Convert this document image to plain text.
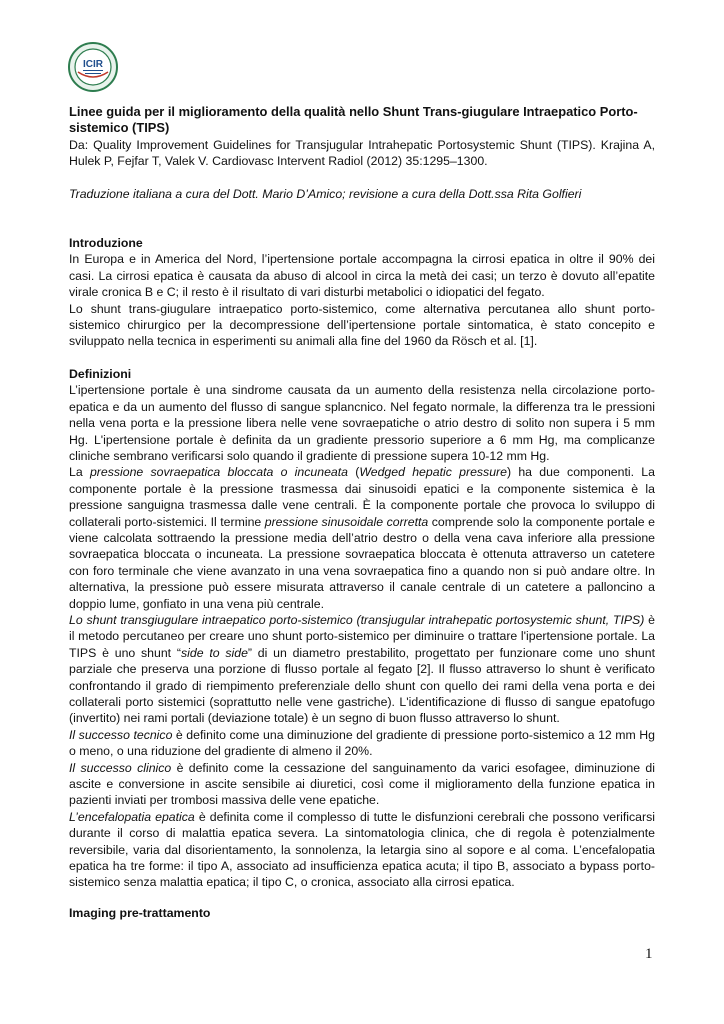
ICIR
Linee guida per il miglioramento della qualità nello Shunt Trans-giugulare Intraepatico Porto-sistemico (TIPS)
Da: Quality Improvement Guidelines for Transjugular Intrahepatic Portosystemic Shunt (TIPS). Krajina A, Hulek P, Fejfar T, Valek V. Cardiovasc Intervent Radiol (2012) 35:1295–1300.
Traduzione italiana a cura del Dott. Mario D’Amico; revisione a cura della Dott.ssa Rita Golfieri
Introduzione

In Europa e in America del Nord, l’ipertensione portale accompagna la cirrosi epatica in oltre il 90% dei casi. La cirrosi epatica è causata da abuso di alcool in circa la metà dei casi; un terzo è dovuto all’epatite virale cronica B e C; il resto è il risultato di vari disturbi metabolici o idiopatici del fegato.

Lo shunt trans-giugulare intraepatico porto-sistemico, come alternativa percutanea allo shunt porto-sistemico chirurgico per la decompressione dell’ipertensione portale sintomatica, è stato concepito e sviluppato nella tecnica in esperimenti su animali alla fine del 1960 da Rösch et al. [1].

Definizioni

L’ipertensione portale è una sindrome causata da un aumento della resistenza nella circolazione porto-epatica e da un aumento del flusso di sangue splancnico. Nel fegato normale, la differenza tra le pressioni nella vena porta e la pressione libera nelle vene sovraepatiche o atrio destro di solito non supera i 5 mm Hg. L'ipertensione portale è definita da un gradiente pressorio superiore a 6 mm Hg, ma complicanze cliniche sembrano verificarsi solo quando il gradiente di pressione supera 10-12 mm Hg.

La pressione sovraepatica bloccata o incuneata (Wedged hepatic pressure) ha due componenti. La componente portale è la pressione trasmessa dai sinusoidi epatici e la componente sistemica è la pressione sanguigna trasmessa dalle vene centrali. È la componente portale che provoca lo sviluppo di collaterali porto-sistemici. Il termine pressione sinusoidale corretta comprende solo la componente portale e viene calcolata sottraendo la pressione media dell’atrio destro o della vena cava inferiore alla pressione sovraepatica bloccata o incuneata. La pressione sovraepatica bloccata è ottenuta attraverso un catetere con foro terminale che viene avanzato in una vena sovraepatica fino a quando non si può andare oltre. In alternativa, la pressione può essere misurata attraverso il canale centrale di un catetere a palloncino a doppio lume, gonfiato in una vena più centrale.

Lo shunt transgiugulare intraepatico porto-sistemico (transjugular intrahepatic portosystemic shunt, TIPS) è il metodo percutaneo per creare uno shunt porto-sistemico per diminuire o trattare l'ipertensione portale. La TIPS è uno shunt “side to side” di un diametro prestabilito, progettato per funzionare come uno shunt parziale che preserva una porzione di flusso portale al fegato [2]. Il flusso attraverso lo shunt è verificato confrontando il grado di riempimento preferenziale dello shunt con quello dei rami della vena porta e dei collaterali porto sistemici (soprattutto nelle vene gastriche). L'identificazione di flusso di sangue epatofugo (invertito) nei rami portali (deviazione totale) è un segno di buon flusso attraverso lo shunt.

Il successo tecnico è definito come una diminuzione del gradiente di pressione porto-sistemico a 12 mm Hg o meno, o una riduzione del gradiente di almeno il 20%.

Il successo clinico è definito come la cessazione del sanguinamento da varici esofagee, diminuzione di ascite e conversione in ascite sensibile ai diuretici, così come il miglioramento della funzione epatica in pazienti inviati per trombosi massiva delle vene epatiche.

L’encefalopatia epatica è definita come il complesso di tutte le disfunzioni cerebrali che possono verificarsi durante il corso di malattia epatica severa. La sintomatologia clinica, che di regola è potenzialmente reversibile, varia dal disorientamento, la sonnolenza, la letargia sino al sopore e al coma. L’encefalopatia epatica ha tre forme: il tipo A, associato ad insufficienza epatica acuta; il tipo B, associato a bypass porto-sistemico senza malattia epatica; il tipo C, o cronica, associato alla cirrosi epatica.

Imaging pre-trattamento
1
